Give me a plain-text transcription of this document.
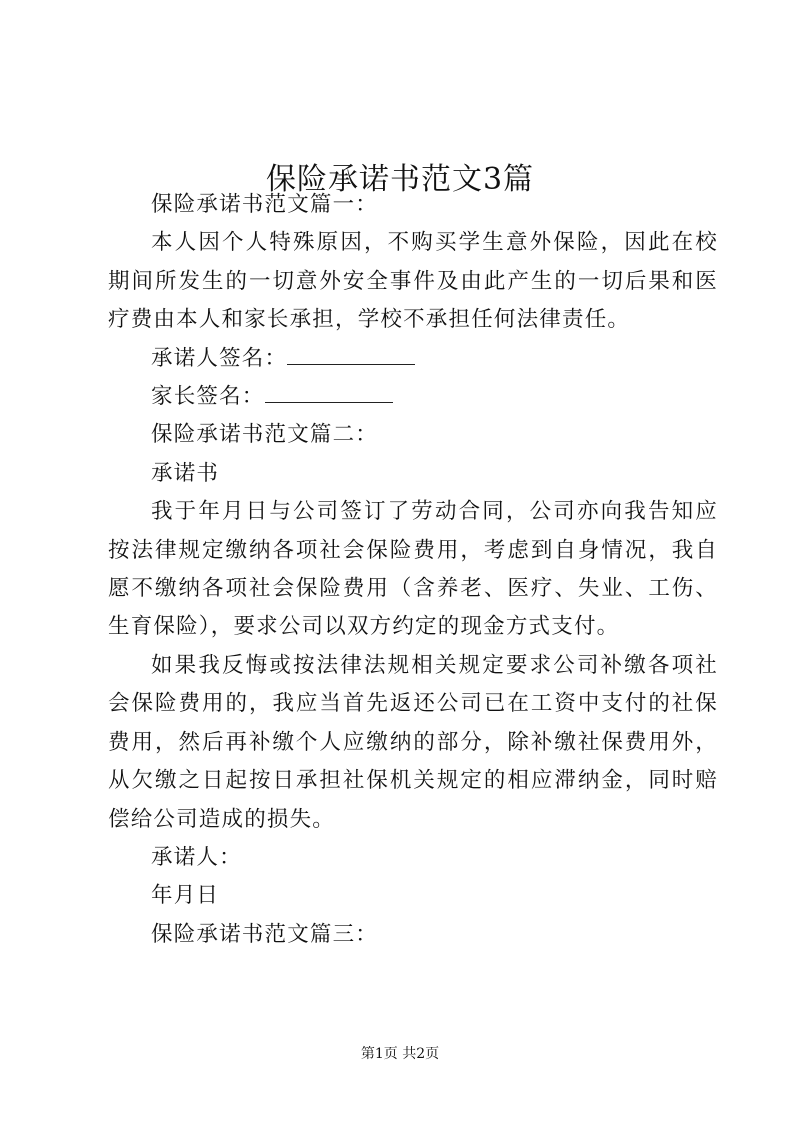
保险承诺书范文3篇

保险承诺书范文篇一：

本人因个人特殊原因，不购买学生意外保险，因此在校期间所发生的一切意外安全事件及由此产生的一切后果和医疗费由本人和家长承担，学校不承担任何法律责任。

承诺人签名：

家长签名：

保险承诺书范文篇二：

承诺书

我于年月日与公司签订了劳动合同，公司亦向我告知应按法律规定缴纳各项社会保险费用，考虑到自身情况，我自愿不缴纳各项社会保险费用（含养老、医疗、失业、工伤、生育保险），要求公司以双方约定的现金方式支付。

如果我反悔或按法律法规相关规定要求公司补缴各项社会保险费用的，我应当首先返还公司已在工资中支付的社保费用，然后再补缴个人应缴纳的部分，除补缴社保费用外，从欠缴之日起按日承担社保机关规定的相应滞纳金，同时赔偿给公司造成的损失。

承诺人：

年月日

保险承诺书范文篇三：

第1页 共2页
